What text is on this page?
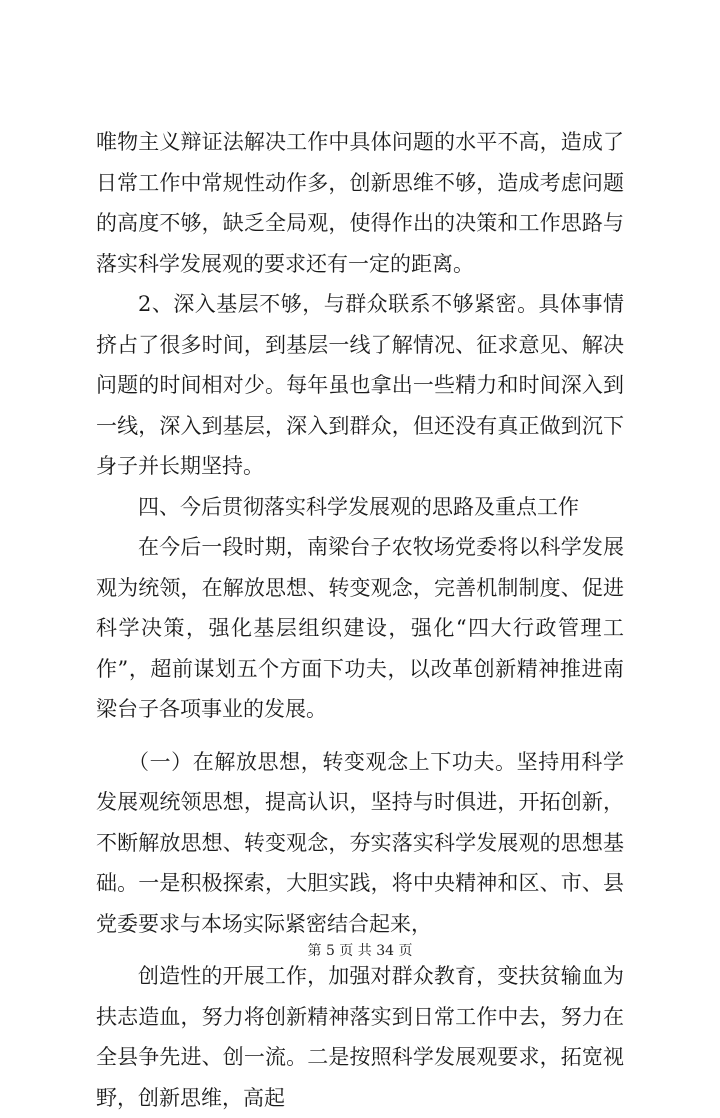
唯物主义辩证法解决工作中具体问题的水平不高，造成了日常工作中常规性动作多，创新思维不够，造成考虑问题的高度不够，缺乏全局观，使得作出的决策和工作思路与落实科学发展观的要求还有一定的距离。

2、深入基层不够，与群众联系不够紧密。具体事情挤占了很多时间，到基层一线了解情况、征求意见、解决问题的时间相对少。每年虽也拿出一些精力和时间深入到一线，深入到基层，深入到群众，但还没有真正做到沉下身子并长期坚持。

四、今后贯彻落实科学发展观的思路及重点工作

在今后一段时期，南梁台子农牧场党委将以科学发展观为统领，在解放思想、转变观念，完善机制制度、促进科学决策，强化基层组织建设，强化“四大行政管理工作”，超前谋划五个方面下功夫，以改革创新精神推进南梁台子各项事业的发展。

（一）在解放思想，转变观念上下功夫。坚持用科学发展观统领思想，提高认识，坚持与时俱进，开拓创新，不断解放思想、转变观念，夯实落实科学发展观的思想基础。一是积极探索，大胆实践，将中央精神和区、市、县党委要求与本场实际紧密结合起来，

创造性的开展工作，加强对群众教育，变扶贫输血为扶志造血，努力将创新精神落实到日常工作中去，努力在全县争先进、创一流。二是按照科学发展观要求，拓宽视野，创新思维，高起

第 5 页 共 34 页
